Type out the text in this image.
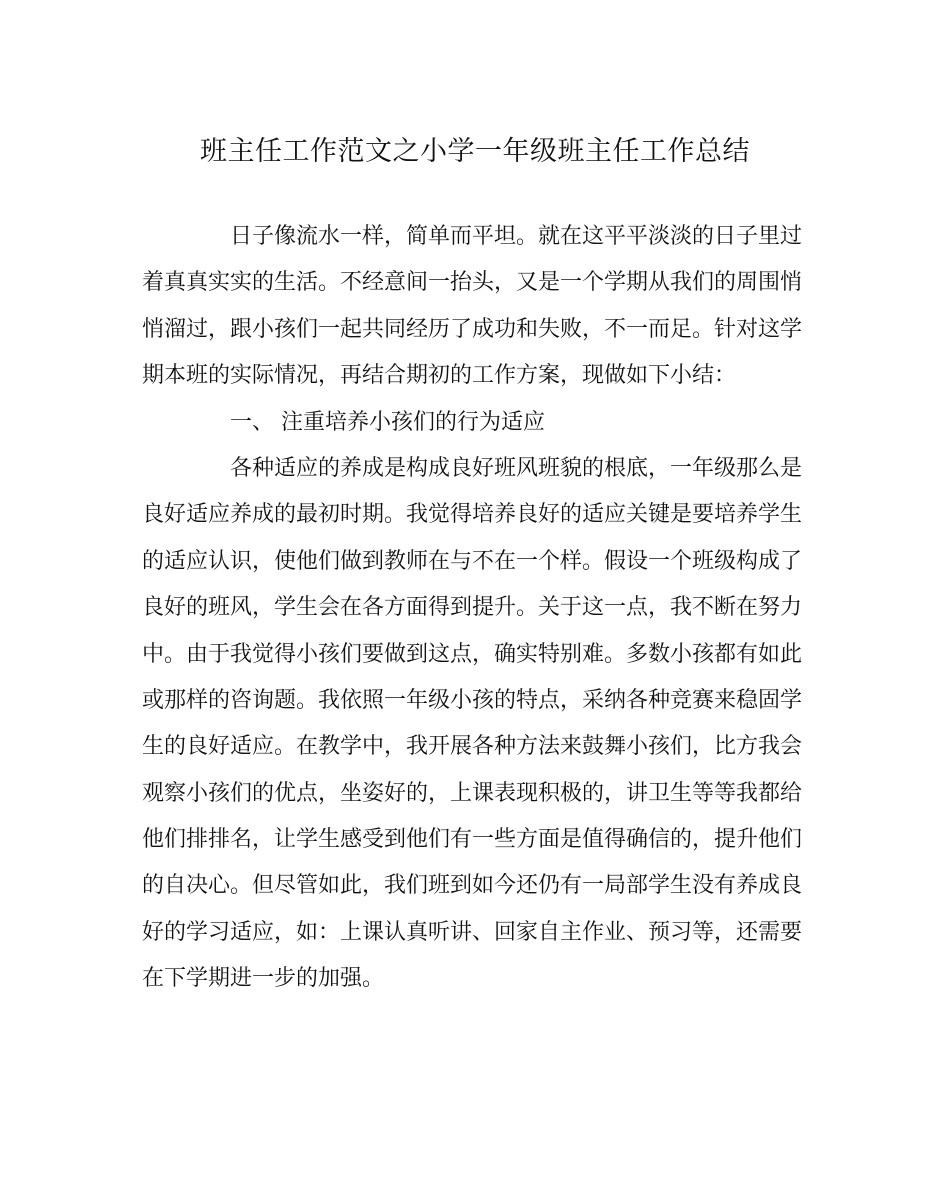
班主任工作范文之小学一年级班主任工作总结
日子像流水一样，简单而平坦。就在这平平淡淡的日子里过
着真真实实的生活。不经意间一抬头，又是一个学期从我们的周围悄
悄溜过，跟小孩们一起共同经历了成功和失败，不一而足。针对这学
期本班的实际情况，再结合期初的工作方案，现做如下小结：
一、 注重培养小孩们的行为适应
各种适应的养成是构成良好班风班貌的根底，一年级那么是
良好适应养成的最初时期。我觉得培养良好的适应关键是要培养学生
的适应认识，使他们做到教师在与不在一个样。假设一个班级构成了
良好的班风，学生会在各方面得到提升。关于这一点，我不断在努力
中。由于我觉得小孩们要做到这点，确实特别难。多数小孩都有如此
或那样的咨询题。我依照一年级小孩的特点，采纳各种竞赛来稳固学
生的良好适应。在教学中，我开展各种方法来鼓舞小孩们，比方我会
观察小孩们的优点，坐姿好的，上课表现积极的，讲卫生等等我都给
他们排排名，让学生感受到他们有一些方面是值得确信的，提升他们
的自决心。但尽管如此，我们班到如今还仍有一局部学生没有养成良
好的学习适应，如：上课认真听讲、回家自主作业、预习等，还需要
在下学期进一步的加强。
